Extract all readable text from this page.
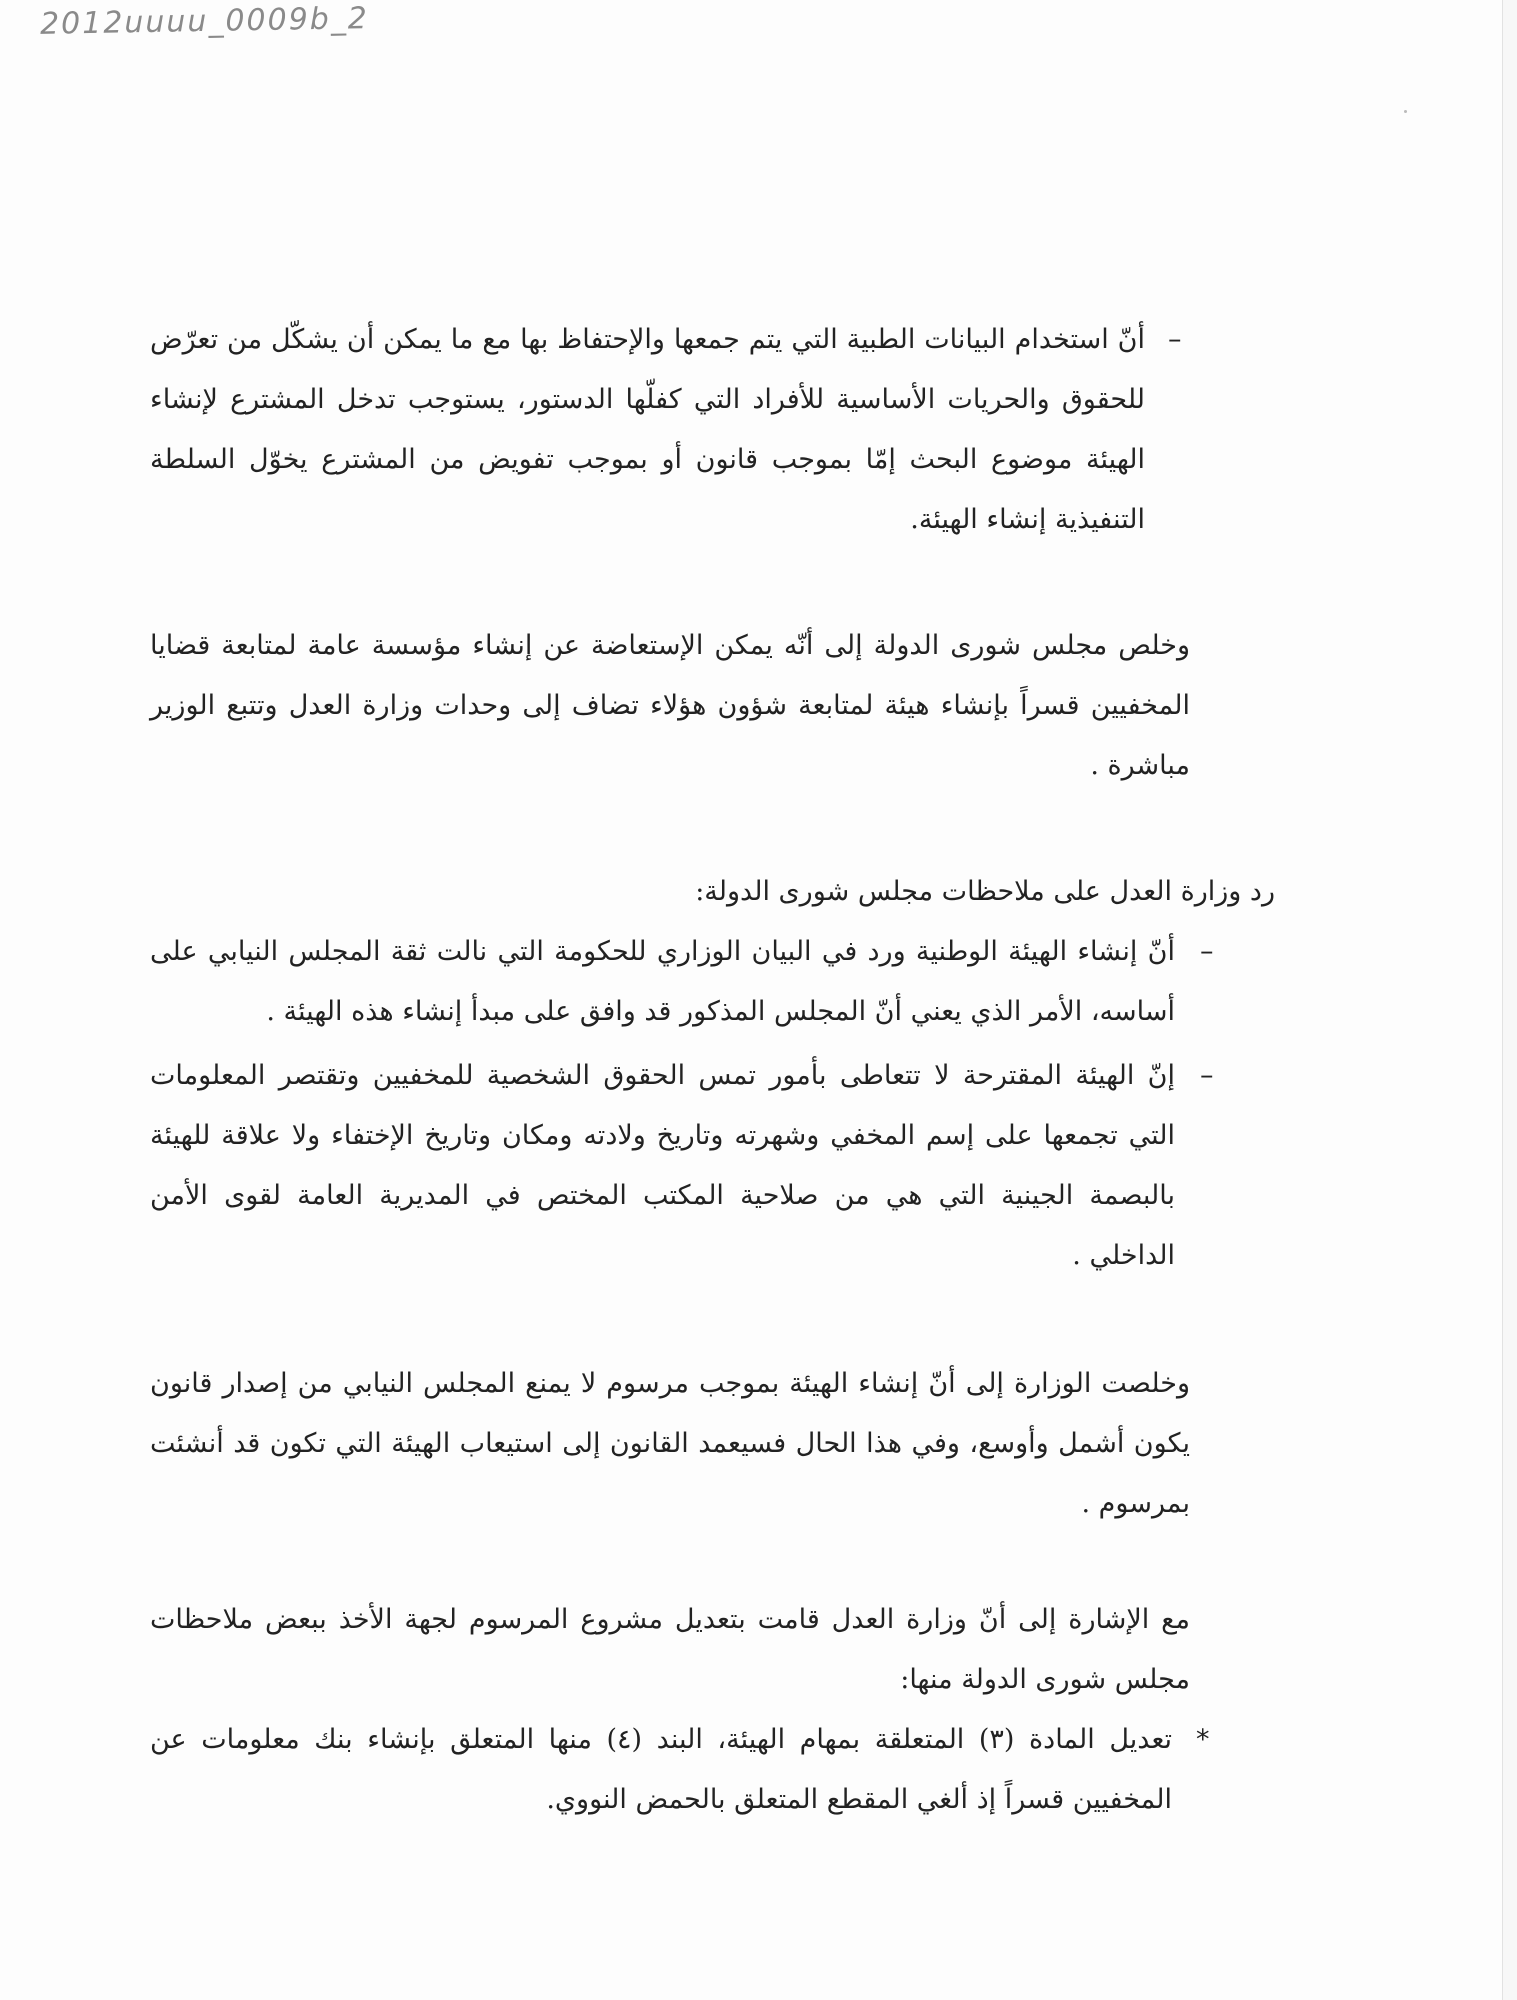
2012uuuu_0009b_2
–
أنّ استخدام البيانات الطبية التي يتم جمعها والإحتفاظ بها مع ما يمكن أن يشكّل من تعرّض للحقوق والحريات الأساسية للأفراد التي كفلّها الدستور، يستوجب تدخل المشترع لإنشاء الهيئة موضوع البحث إمّا بموجب قانون أو بموجب تفويض من المشترع يخوّل السلطة التنفيذية إنشاء الهيئة.
وخلص مجلس شورى الدولة إلى أنّه يمكن الإستعاضة عن إنشاء مؤسسة عامة لمتابعة قضايا المخفيين قسراً بإنشاء هيئة لمتابعة شؤون هؤلاء تضاف إلى وحدات وزارة العدل وتتبع الوزير مباشرة .
رد وزارة العدل على ملاحظات مجلس شورى الدولة:
–
أنّ إنشاء الهيئة الوطنية ورد في البيان الوزاري للحكومة التي نالت ثقة المجلس النيابي على أساسه، الأمر الذي يعني أنّ المجلس المذكور قد وافق على مبدأ إنشاء هذه الهيئة .
–
إنّ الهيئة المقترحة لا تتعاطى بأمور تمس الحقوق الشخصية للمخفيين وتقتصر المعلومات التي تجمعها على إسم المخفي وشهرته وتاريخ ولادته ومكان وتاريخ الإختفاء ولا علاقة للهيئة بالبصمة الجينية التي هي من صلاحية المكتب المختص في المديرية العامة لقوى الأمن الداخلي .
وخلصت الوزارة إلى أنّ إنشاء الهيئة بموجب مرسوم لا يمنع المجلس النيابي من إصدار قانون يكون أشمل وأوسع، وفي هذا الحال فسيعمد القانون إلى استيعاب الهيئة التي تكون قد أنشئت بمرسوم .
مع الإشارة إلى أنّ وزارة العدل قامت بتعديل مشروع المرسوم لجهة الأخذ ببعض ملاحظات مجلس شورى الدولة منها:
*
تعديل المادة (٣) المتعلقة بمهام الهيئة، البند (٤) منها المتعلق بإنشاء بنك معلومات عن المخفيين قسراً إذ ألغي المقطع المتعلق بالحمض النووي.
